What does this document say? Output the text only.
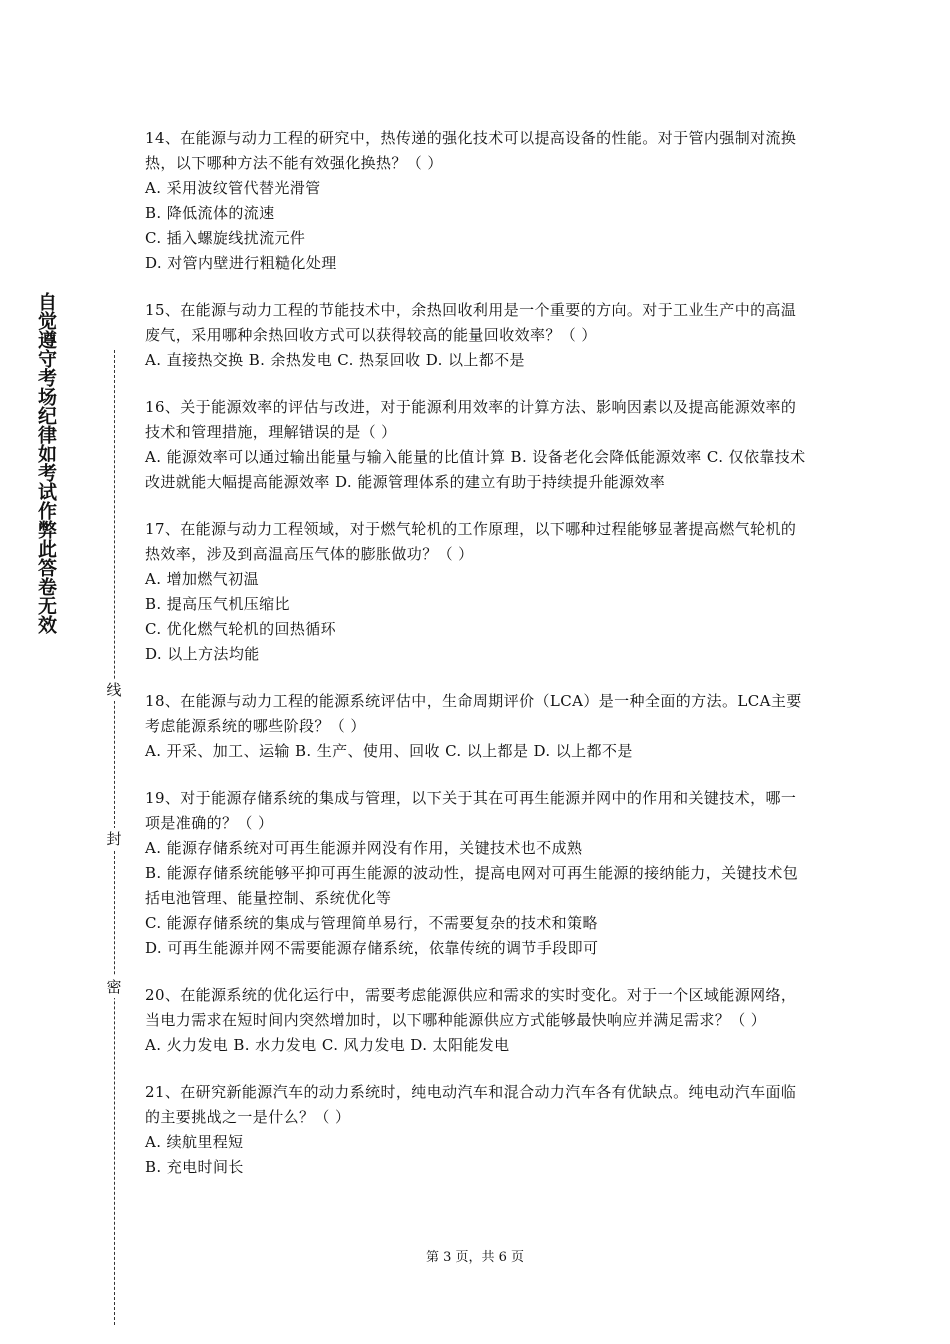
自觉遵守考场纪律如考试作弊此答卷无效
线
封
密
14、在能源与动力工程的研究中，热传递的强化技术可以提高设备的性能。对于管内强制对流换热，以下哪种方法不能有效强化换热？（ ）
A. 采用波纹管代替光滑管
B. 降低流体的流速
C. 插入螺旋线扰流元件
D. 对管内壁进行粗糙化处理
15、在能源与动力工程的节能技术中，余热回收利用是一个重要的方向。对于工业生产中的高温废气，采用哪种余热回收方式可以获得较高的能量回收效率？（ ）
A. 直接热交换 B. 余热发电 C. 热泵回收 D. 以上都不是
16、关于能源效率的评估与改进，对于能源利用效率的计算方法、影响因素以及提高能源效率的技术和管理措施，理解错误的是（ ）
A. 能源效率可以通过输出能量与输入能量的比值计算 B. 设备老化会降低能源效率 C. 仅依靠技术改进就能大幅提高能源效率 D. 能源管理体系的建立有助于持续提升能源效率
17、在能源与动力工程领域，对于燃气轮机的工作原理，以下哪种过程能够显著提高燃气轮机的热效率，涉及到高温高压气体的膨胀做功？（ ）
A. 增加燃气初温
B. 提高压气机压缩比
C. 优化燃气轮机的回热循环
D. 以上方法均能
18、在能源与动力工程的能源系统评估中，生命周期评价（LCA）是一种全面的方法。LCA主要考虑能源系统的哪些阶段？（ ）
A. 开采、加工、运输 B. 生产、使用、回收 C. 以上都是 D. 以上都不是
19、对于能源存储系统的集成与管理，以下关于其在可再生能源并网中的作用和关键技术，哪一项是准确的？（ ）
A. 能源存储系统对可再生能源并网没有作用，关键技术也不成熟
B. 能源存储系统能够平抑可再生能源的波动性，提高电网对可再生能源的接纳能力，关键技术包括电池管理、能量控制、系统优化等
C. 能源存储系统的集成与管理简单易行，不需要复杂的技术和策略
D. 可再生能源并网不需要能源存储系统，依靠传统的调节手段即可
20、在能源系统的优化运行中，需要考虑能源供应和需求的实时变化。对于一个区域能源网络，当电力需求在短时间内突然增加时，以下哪种能源供应方式能够最快响应并满足需求？（ ）
A. 火力发电 B. 水力发电 C. 风力发电 D. 太阳能发电
21、在研究新能源汽车的动力系统时，纯电动汽车和混合动力汽车各有优缺点。纯电动汽车面临的主要挑战之一是什么？（ ）
A. 续航里程短
B. 充电时间长
第 3 页，共 6 页
